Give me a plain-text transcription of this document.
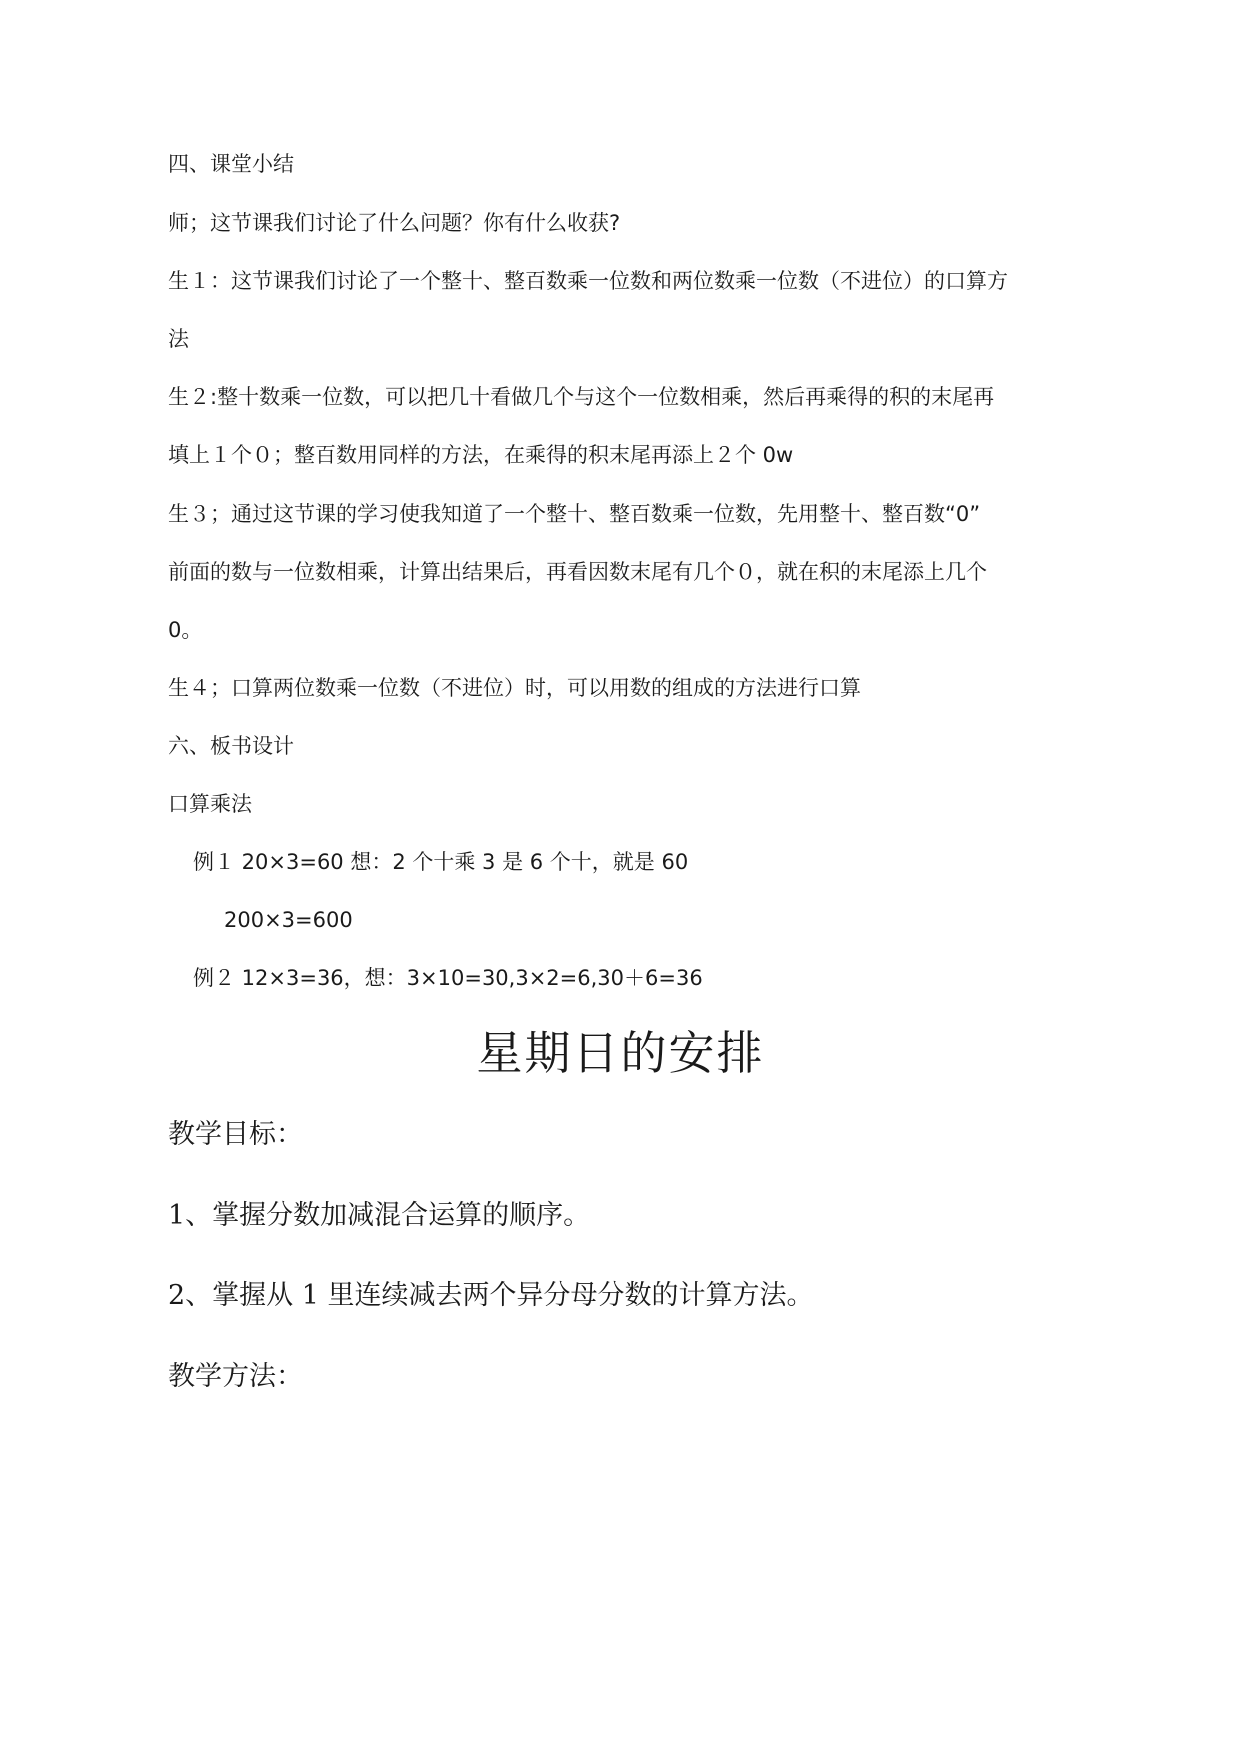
四、课堂小结

师；这节课我们讨论了什么问题？你有什么收获?

生１：这节课我们讨论了一个整十、整百数乘一位数和两位数乘一位数（不进位）的口算方

法

生２:整十数乘一位数，可以把几十看做几个与这个一位数相乘，然后再乘得的积的末尾再

填上１个０；整百数用同样的方法，在乘得的积末尾再添上２个 0w

生３；通过这节课的学习使我知道了一个整十、整百数乘一位数，先用整十、整百数“0”

前面的数与一位数相乘，计算出结果后，再看因数末尾有几个０，就在积的末尾添上几个

0。

生４；口算两位数乘一位数（不进位）时，可以用数的组成的方法进行口算

六、板书设计

口算乘法

例１ 20×3=60 想：2 个十乘 3 是 6 个十，就是 60

200×3=600

例２ 12×3=36，想：3×10=30,3×2=6,30＋6=36

星期日的安排

教学目标：

1、掌握分数加减混合运算的顺序。

2、掌握从 1 里连续减去两个异分母分数的计算方法。

教学方法：
